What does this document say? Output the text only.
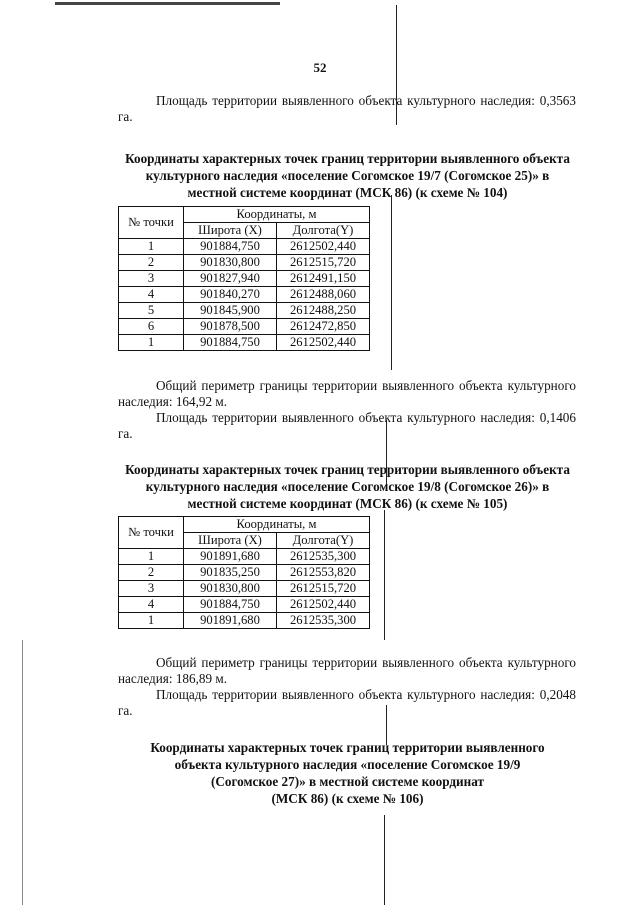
52

Площадь территории выявленного объекта культурного наследия: 0,3563 га.

Координаты характерных точек границ территории выявленного объекта культурного наследия «поселение Согомское 19/7 (Согомское 25)» в местной системе координат (МСК 86) (к схеме № 104)
№ точки	Координаты, м	
	Широта (X)	Долгота(Y)
1	901884,750	2612502,440
2	901830,800	2612515,720
3	901827,940	2612491,150
4	901840,270	2612488,060
5	901845,900	2612488,250
6	901878,500	2612472,850
1	901884,750	2612502,440

Общий периметр границы территории выявленного объекта культурного наследия: 164,92 м.

Площадь территории выявленного объекта культурного наследия: 0,1406 га.

Координаты характерных точек границ территории выявленного объекта культурного наследия «поселение Согомское 19/8 (Согомское 26)» в местной системе координат (МСК 86) (к схеме № 105)
№ точки	Координаты, м	
	Широта (X)	Долгота(Y)
1	901891,680	2612535,300
2	901835,250	2612553,820
3	901830,800	2612515,720
4	901884,750	2612502,440
1	901891,680	2612535,300

Общий периметр границы территории выявленного объекта культурного наследия: 186,89 м.

Площадь территории выявленного объекта культурного наследия: 0,2048 га.

Координаты характерных точек границ территории выявленного
объекта культурного наследия «поселение Согомское 19/9
(Согомское 27)» в местной системе координат
(МСК 86) (к схеме № 106)
